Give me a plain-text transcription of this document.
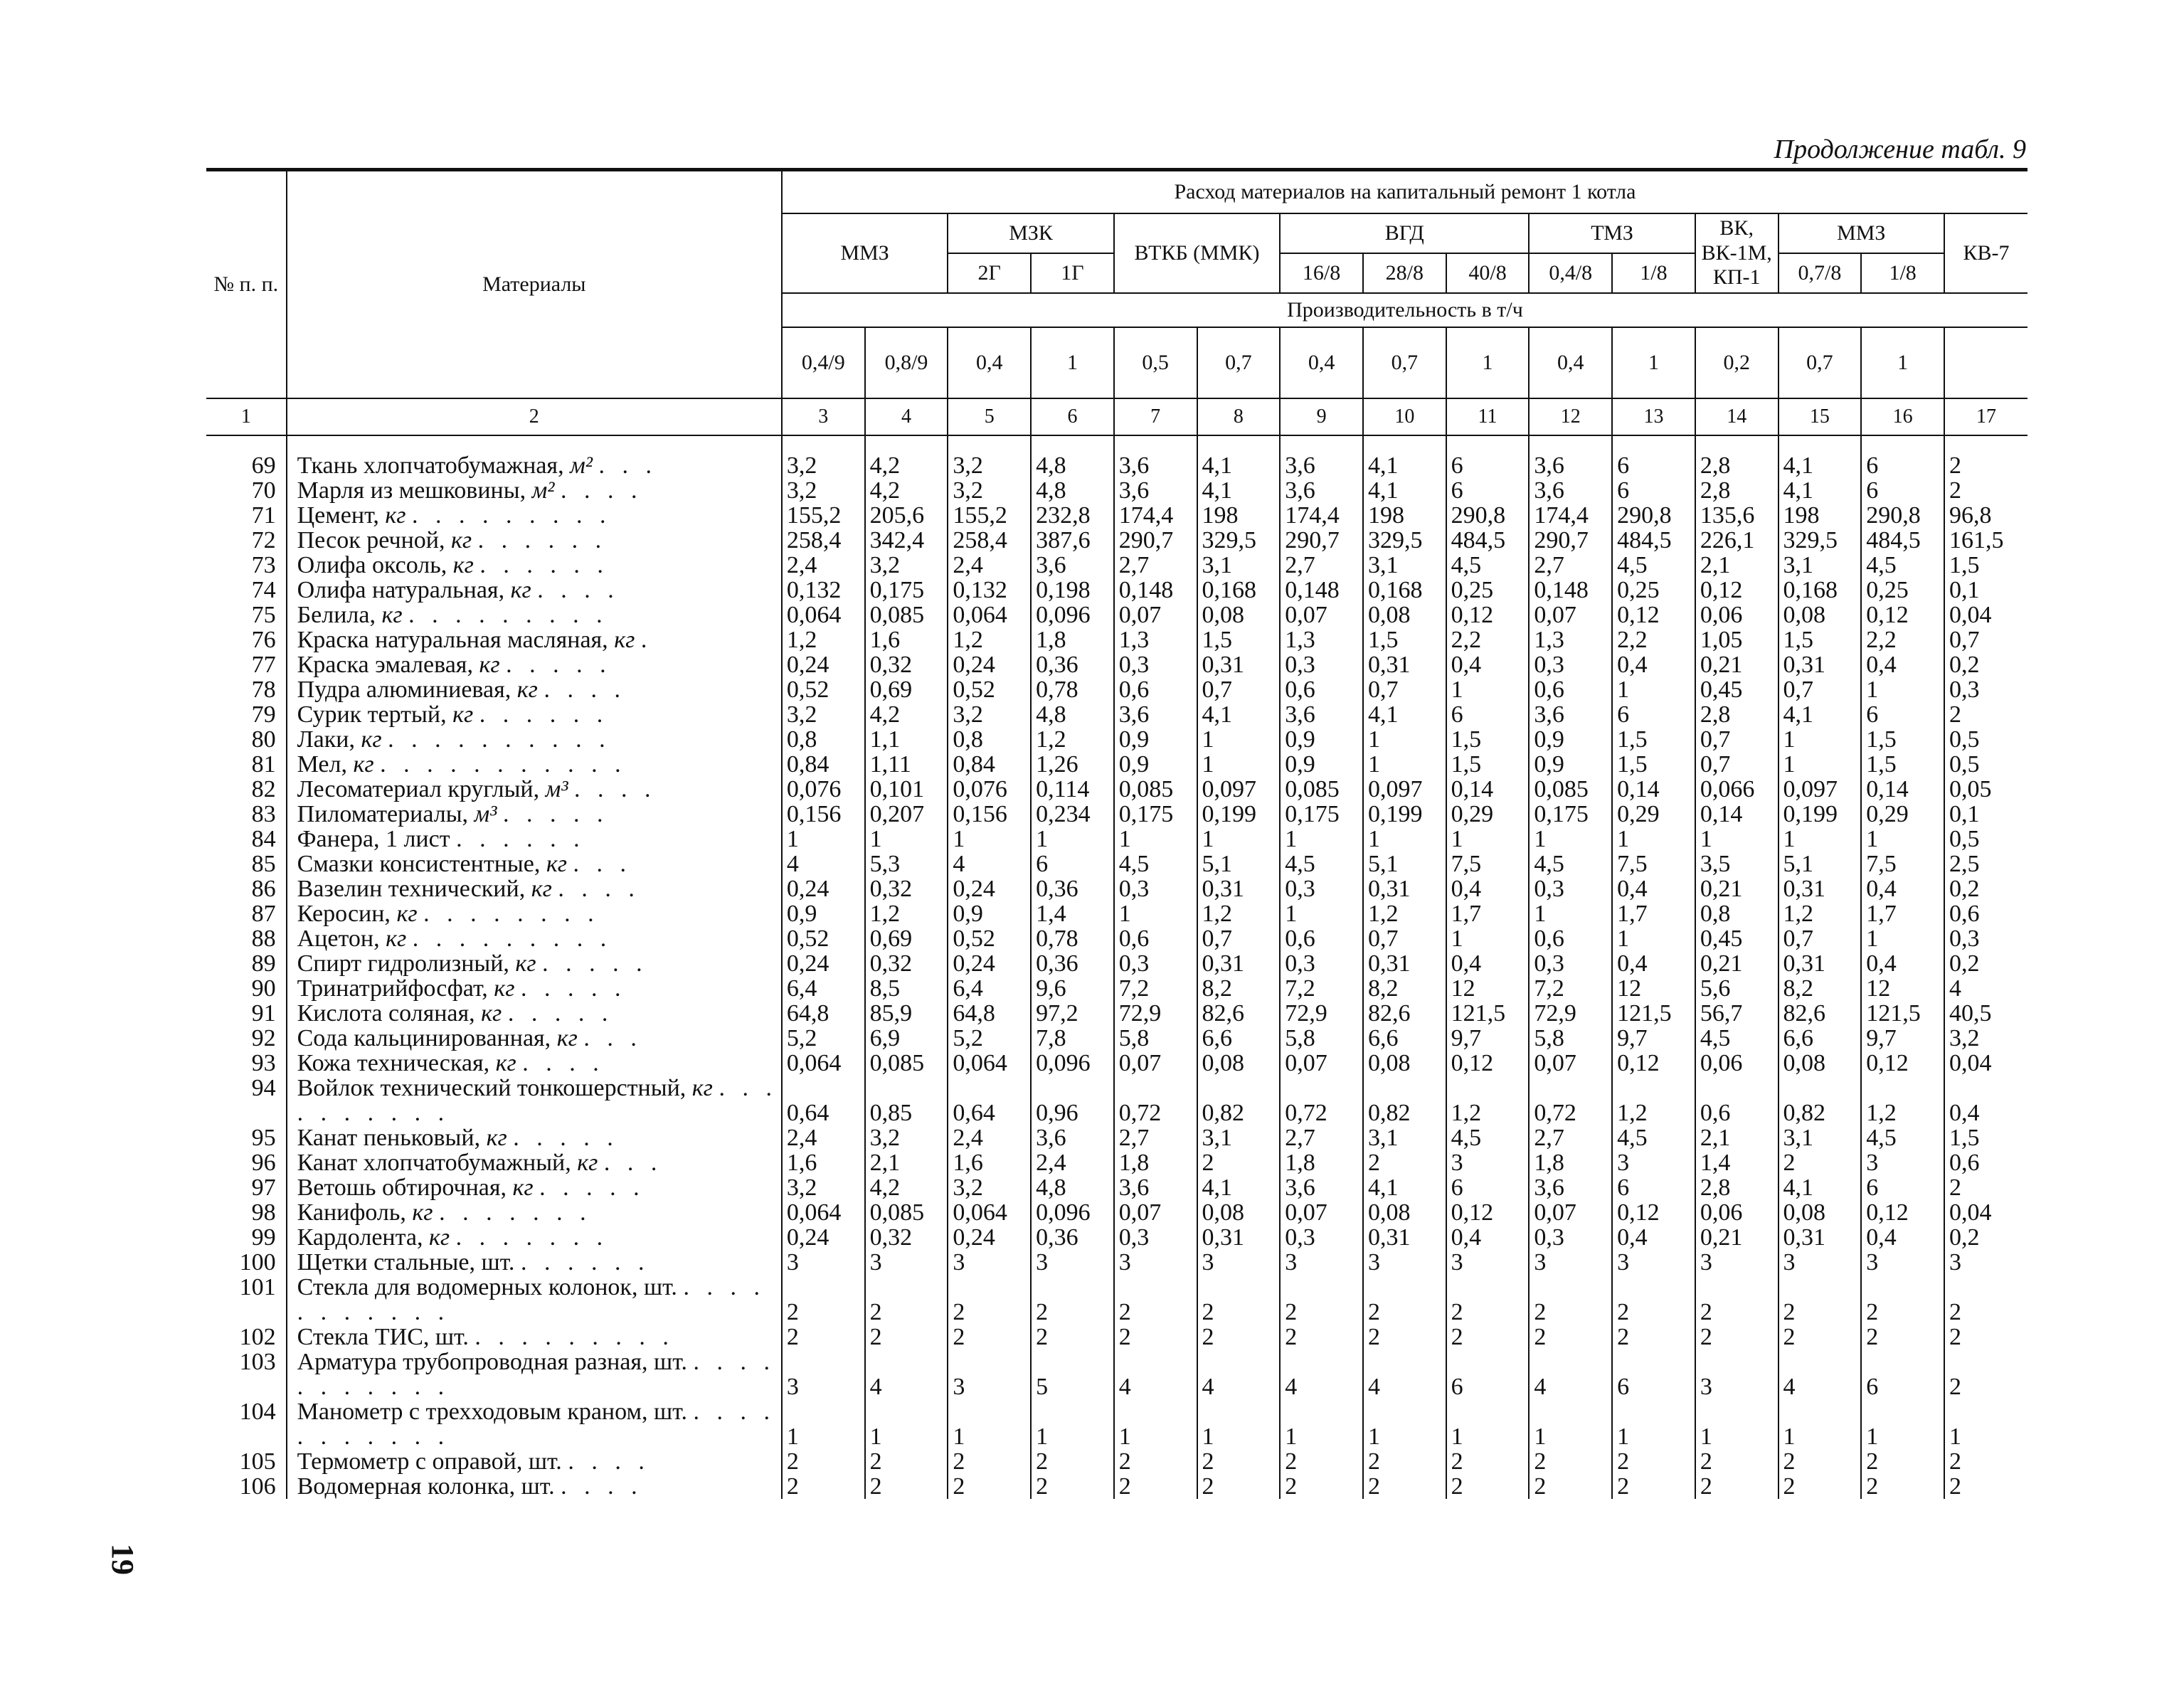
Продолжение табл. 9
19
№ п. п.	Материалы	Расход материалов на капитальный ремонт 1 котла														
		ММЗ		МЗК		ВТКБ (ММК)		ВГД			ТМЗ		ВК, ВК-1М, КП-1	ММЗ		КВ-7
				2Г	1Г			16/8	28/8	40/8	0,4/8	1/8		0,7/8	1/8	
		Производительность в т/ч														
		0,4/9	0,8/9	0,4	1	0,5	0,7	0,4	0,7	1	0,4	1	0,2	0,7	1	
1	2	3	4	5	6	7	8	9	10	11	12	13	14	15	16	17
69	Ткань хлопчатобумажная, м² . . .	3,2	4,2	3,2	4,8	3,6	4,1	3,6	4,1	6	3,6	6	2,8	4,1	6	2
70	Марля из мешковины, м² . . . .	3,2	4,2	3,2	4,8	3,6	4,1	3,6	4,1	6	3,6	6	2,8	4,1	6	2
71	Цемент, кг . . . . . . . . .	155,2	205,6	155,2	232,8	174,4	198	174,4	198	290,8	174,4	290,8	135,6	198	290,8	96,8
72	Песок речной, кг . . . . . .	258,4	342,4	258,4	387,6	290,7	329,5	290,7	329,5	484,5	290,7	484,5	226,1	329,5	484,5	161,5
73	Олифа оксоль, кг . . . . . .	2,4	3,2	2,4	3,6	2,7	3,1	2,7	3,1	4,5	2,7	4,5	2,1	3,1	4,5	1,5
74	Олифа натуральная, кг . . . .	0,132	0,175	0,132	0,198	0,148	0,168	0,148	0,168	0,25	0,148	0,25	0,12	0,168	0,25	0,1
75	Белила, кг . . . . . . . . .	0,064	0,085	0,064	0,096	0,07	0,08	0,07	0,08	0,12	0,07	0,12	0,06	0,08	0,12	0,04
76	Краска натуральная масляная, кг .	1,2	1,6	1,2	1,8	1,3	1,5	1,3	1,5	2,2	1,3	2,2	1,05	1,5	2,2	0,7
77	Краска эмалевая, кг . . . . .	0,24	0,32	0,24	0,36	0,3	0,31	0,3	0,31	0,4	0,3	0,4	0,21	0,31	0,4	0,2
78	Пудра алюминиевая, кг . . . .	0,52	0,69	0,52	0,78	0,6	0,7	0,6	0,7	1	0,6	1	0,45	0,7	1	0,3
79	Сурик тертый, кг . . . . . .	3,2	4,2	3,2	4,8	3,6	4,1	3,6	4,1	6	3,6	6	2,8	4,1	6	2
80	Лаки, кг . . . . . . . . . .	0,8	1,1	0,8	1,2	0,9	1	0,9	1	1,5	0,9	1,5	0,7	1	1,5	0,5
81	Мел, кг . . . . . . . . . . .	0,84	1,11	0,84	1,26	0,9	1	0,9	1	1,5	0,9	1,5	0,7	1	1,5	0,5
82	Лесоматериал круглый, м³ . . . .	0,076	0,101	0,076	0,114	0,085	0,097	0,085	0,097	0,14	0,085	0,14	0,066	0,097	0,14	0,05
83	Пиломатериалы, м³ . . . . .	0,156	0,207	0,156	0,234	0,175	0,199	0,175	0,199	0,29	0,175	0,29	0,14	0,199	0,29	0,1
84	Фанера, 1 лист . . . . . .	1	1	1	1	1	1	1	1	1	1	1	1	1	1	0,5
85	Смазки консистентные, кг . . .	4	5,3	4	6	4,5	5,1	4,5	5,1	7,5	4,5	7,5	3,5	5,1	7,5	2,5
86	Вазелин технический, кг . . . .	0,24	0,32	0,24	0,36	0,3	0,31	0,3	0,31	0,4	0,3	0,4	0,21	0,31	0,4	0,2
87	Керосин, кг . . . . . . . .	0,9	1,2	0,9	1,4	1	1,2	1	1,2	1,7	1	1,7	0,8	1,2	1,7	0,6
88	Ацетон, кг . . . . . . . . .	0,52	0,69	0,52	0,78	0,6	0,7	0,6	0,7	1	0,6	1	0,45	0,7	1	0,3
89	Спирт гидролизный, кг . . . . .	0,24	0,32	0,24	0,36	0,3	0,31	0,3	0,31	0,4	0,3	0,4	0,21	0,31	0,4	0,2
90	Тринатрийфосфат, кг . . . . .	6,4	8,5	6,4	9,6	7,2	8,2	7,2	8,2	12	7,2	12	5,6	8,2	12	4
91	Кислота соляная, кг . . . . .	64,8	85,9	64,8	97,2	72,9	82,6	72,9	82,6	121,5	72,9	121,5	56,7	82,6	121,5	40,5
92	Сода кальцинированная, кг . . .	5,2	6,9	5,2	7,8	5,8	6,6	5,8	6,6	9,7	5,8	9,7	4,5	6,6	9,7	3,2
93	Кожа техническая, кг . . . .	0,064	0,085	0,064	0,096	0,07	0,08	0,07	0,08	0,12	0,07	0,12	0,06	0,08	0,12	0,04
94	Войлок технический тонкошерстный, кг . . . . . . . . . .	0,64	0,85	0,64	0,96	0,72	0,82	0,72	0,82	1,2	0,72	1,2	0,6	0,82	1,2	0,4
95	Канат пеньковый, кг . . . . .	2,4	3,2	2,4	3,6	2,7	3,1	2,7	3,1	4,5	2,7	4,5	2,1	3,1	4,5	1,5
96	Канат хлопчатобумажный, кг . . .	1,6	2,1	1,6	2,4	1,8	2	1,8	2	3	1,8	3	1,4	2	3	0,6
97	Ветошь обтирочная, кг . . . . .	3,2	4,2	3,2	4,8	3,6	4,1	3,6	4,1	6	3,6	6	2,8	4,1	6	2
98	Канифоль, кг . . . . . . .	0,064	0,085	0,064	0,096	0,07	0,08	0,07	0,08	0,12	0,07	0,12	0,06	0,08	0,12	0,04
99	Кардолента, кг . . . . . . .	0,24	0,32	0,24	0,36	0,3	0,31	0,3	0,31	0,4	0,3	0,4	0,21	0,31	0,4	0,2
100	Щетки стальные, шт. . . . . . .	3	3	3	3	3	3	3	3	3	3	3	3	3	3	3
101	Стекла для водомерных колонок, шт. . . . . . . . . . . .	2	2	2	2	2	2	2	2	2	2	2	2	2	2	2
102	Стекла ТИС, шт. . . . . . . . . .	2	2	2	2	2	2	2	2	2	2	2	2	2	2	2
103	Арматура трубопроводная разная, шт. . . . . . . . . . . .	3	4	3	5	4	4	4	4	6	4	6	3	4	6	2
104	Манометр с трехходовым краном, шт. . . . . . . . . . . .	1	1	1	1	1	1	1	1	1	1	1	1	1	1	1
105	Термометр с оправой, шт. . . . .	2	2	2	2	2	2	2	2	2	2	2	2	2	2	2
106	Водомерная колонка, шт. . . . .	2	2	2	2	2	2	2	2	2	2	2	2	2	2	2
